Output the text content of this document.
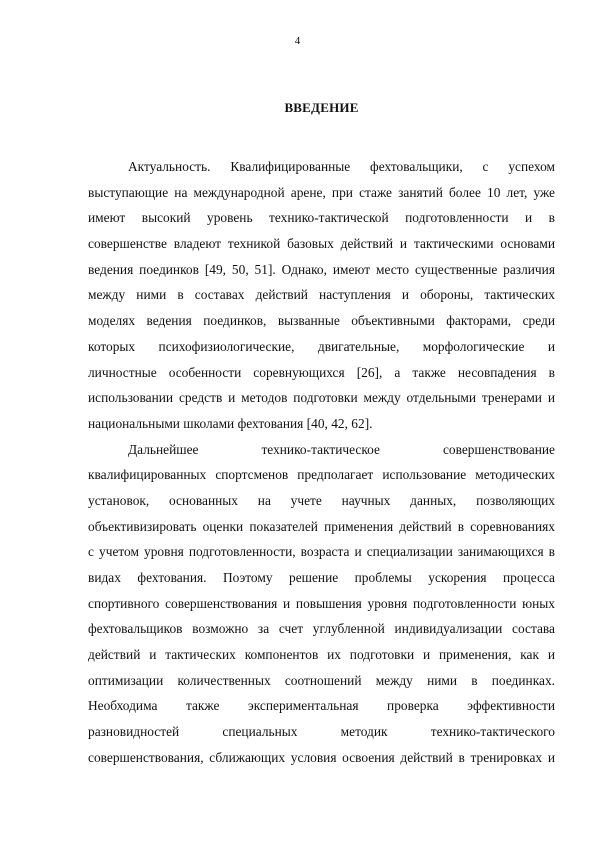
4
ВВЕДЕНИЕ
Актуальность. Квалифицированные фехтовальщики, с успехом
выступающие на международной арене, при стаже занятий более 10 лет, уже
имеют высокий уровень технико-тактической подготовленности и в
совершенстве владеют техникой базовых действий и тактическими основами
ведения поединков [49, 50, 51]. Однако, имеют место существенные различия
между ними в составах действий наступления и обороны, тактических
моделях ведения поединков, вызванные объективными факторами, среди
которых психофизиологические, двигательные, морфологические и
личностные особенности соревнующихся [26], а также несовпадения в
использовании средств и методов подготовки между отдельными тренерами и
национальными школами фехтования [40, 42, 62].
Дальнейшее технико-тактическое совершенствование
квалифицированных спортсменов предполагает использование методических
установок, основанных на учете научных данных, позволяющих
объективизировать оценки показателей применения действий в соревнованиях
с учетом уровня подготовленности, возраста и специализации занимающихся в
видах фехтования. Поэтому решение проблемы ускорения процесса
спортивного совершенствования и повышения уровня подготовленности юных
фехтовальщиков возможно за счет углубленной индивидуализации состава
действий и тактических компонентов их подготовки и применения, как и
оптимизации количественных соотношений между ними в поединках.
Необходима также экспериментальная проверка эффективности
разновидностей специальных методик технико-тактического
совершенствования, сближающих условия освоения действий в тренировках и
